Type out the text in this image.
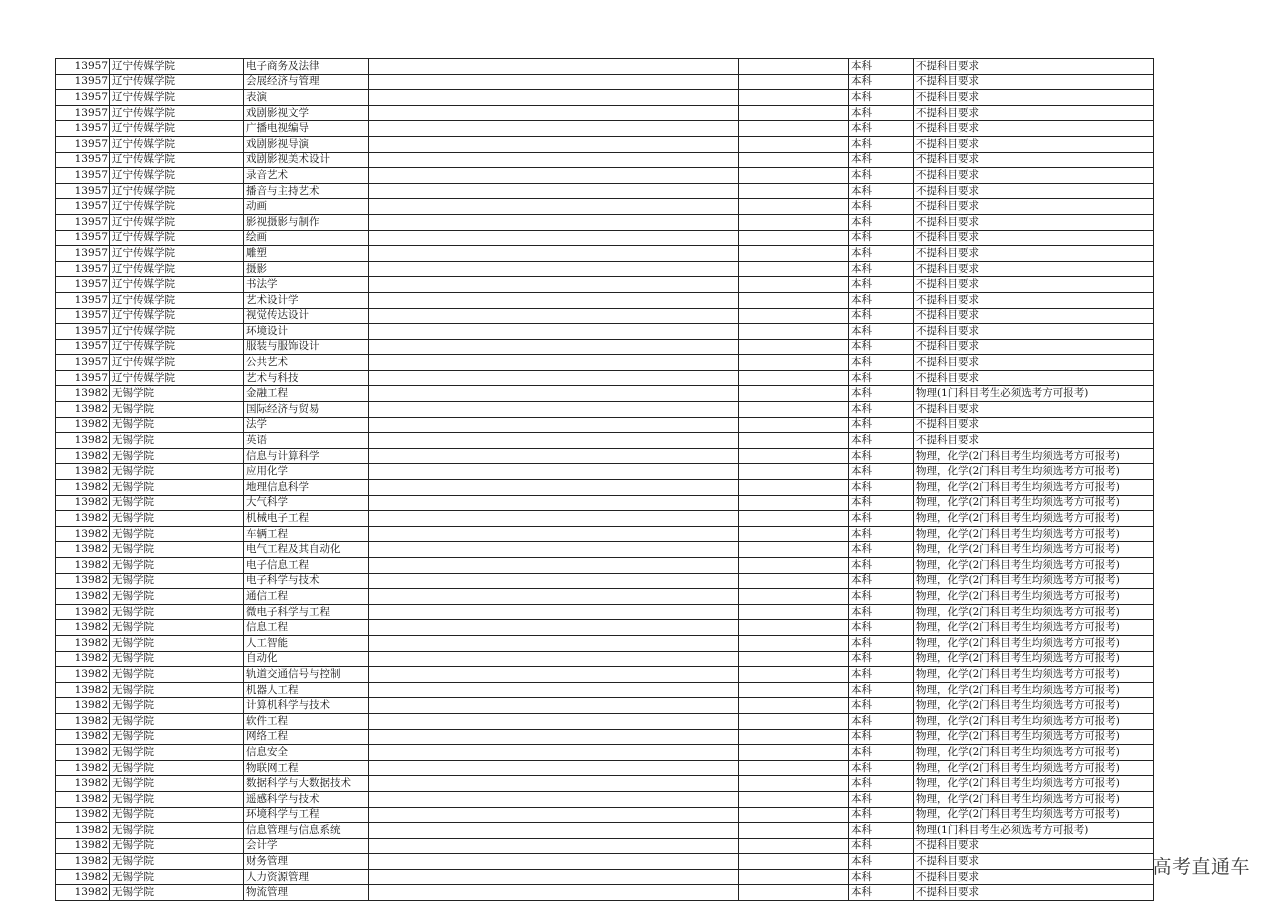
13957	辽宁传媒学院	电子商务及法律			本科	不提科目要求
13957	辽宁传媒学院	会展经济与管理			本科	不提科目要求
13957	辽宁传媒学院	表演			本科	不提科目要求
13957	辽宁传媒学院	戏剧影视文学			本科	不提科目要求
13957	辽宁传媒学院	广播电视编导			本科	不提科目要求
13957	辽宁传媒学院	戏剧影视导演			本科	不提科目要求
13957	辽宁传媒学院	戏剧影视美术设计			本科	不提科目要求
13957	辽宁传媒学院	录音艺术			本科	不提科目要求
13957	辽宁传媒学院	播音与主持艺术			本科	不提科目要求
13957	辽宁传媒学院	动画			本科	不提科目要求
13957	辽宁传媒学院	影视摄影与制作			本科	不提科目要求
13957	辽宁传媒学院	绘画			本科	不提科目要求
13957	辽宁传媒学院	雕塑			本科	不提科目要求
13957	辽宁传媒学院	摄影			本科	不提科目要求
13957	辽宁传媒学院	书法学			本科	不提科目要求
13957	辽宁传媒学院	艺术设计学			本科	不提科目要求
13957	辽宁传媒学院	视觉传达设计			本科	不提科目要求
13957	辽宁传媒学院	环境设计			本科	不提科目要求
13957	辽宁传媒学院	服装与服饰设计			本科	不提科目要求
13957	辽宁传媒学院	公共艺术			本科	不提科目要求
13957	辽宁传媒学院	艺术与科技			本科	不提科目要求
13982	无锡学院	金融工程			本科	物理(1门科目考生必须选考方可报考)
13982	无锡学院	国际经济与贸易			本科	不提科目要求
13982	无锡学院	法学			本科	不提科目要求
13982	无锡学院	英语			本科	不提科目要求
13982	无锡学院	信息与计算科学			本科	物理，化学(2门科目考生均须选考方可报考)
13982	无锡学院	应用化学			本科	物理，化学(2门科目考生均须选考方可报考)
13982	无锡学院	地理信息科学			本科	物理，化学(2门科目考生均须选考方可报考)
13982	无锡学院	大气科学			本科	物理，化学(2门科目考生均须选考方可报考)
13982	无锡学院	机械电子工程			本科	物理，化学(2门科目考生均须选考方可报考)
13982	无锡学院	车辆工程			本科	物理，化学(2门科目考生均须选考方可报考)
13982	无锡学院	电气工程及其自动化			本科	物理，化学(2门科目考生均须选考方可报考)
13982	无锡学院	电子信息工程			本科	物理，化学(2门科目考生均须选考方可报考)
13982	无锡学院	电子科学与技术			本科	物理，化学(2门科目考生均须选考方可报考)
13982	无锡学院	通信工程			本科	物理，化学(2门科目考生均须选考方可报考)
13982	无锡学院	微电子科学与工程			本科	物理，化学(2门科目考生均须选考方可报考)
13982	无锡学院	信息工程			本科	物理，化学(2门科目考生均须选考方可报考)
13982	无锡学院	人工智能			本科	物理，化学(2门科目考生均须选考方可报考)
13982	无锡学院	自动化			本科	物理，化学(2门科目考生均须选考方可报考)
13982	无锡学院	轨道交通信号与控制			本科	物理，化学(2门科目考生均须选考方可报考)
13982	无锡学院	机器人工程			本科	物理，化学(2门科目考生均须选考方可报考)
13982	无锡学院	计算机科学与技术			本科	物理，化学(2门科目考生均须选考方可报考)
13982	无锡学院	软件工程			本科	物理，化学(2门科目考生均须选考方可报考)
13982	无锡学院	网络工程			本科	物理，化学(2门科目考生均须选考方可报考)
13982	无锡学院	信息安全			本科	物理，化学(2门科目考生均须选考方可报考)
13982	无锡学院	物联网工程			本科	物理，化学(2门科目考生均须选考方可报考)
13982	无锡学院	数据科学与大数据技术			本科	物理，化学(2门科目考生均须选考方可报考)
13982	无锡学院	遥感科学与技术			本科	物理，化学(2门科目考生均须选考方可报考)
13982	无锡学院	环境科学与工程			本科	物理，化学(2门科目考生均须选考方可报考)
13982	无锡学院	信息管理与信息系统			本科	物理(1门科目考生必须选考方可报考)
13982	无锡学院	会计学			本科	不提科目要求
13982	无锡学院	财务管理			本科	不提科目要求
13982	无锡学院	人力资源管理			本科	不提科目要求
13982	无锡学院	物流管理			本科	不提科目要求
高考直通车
